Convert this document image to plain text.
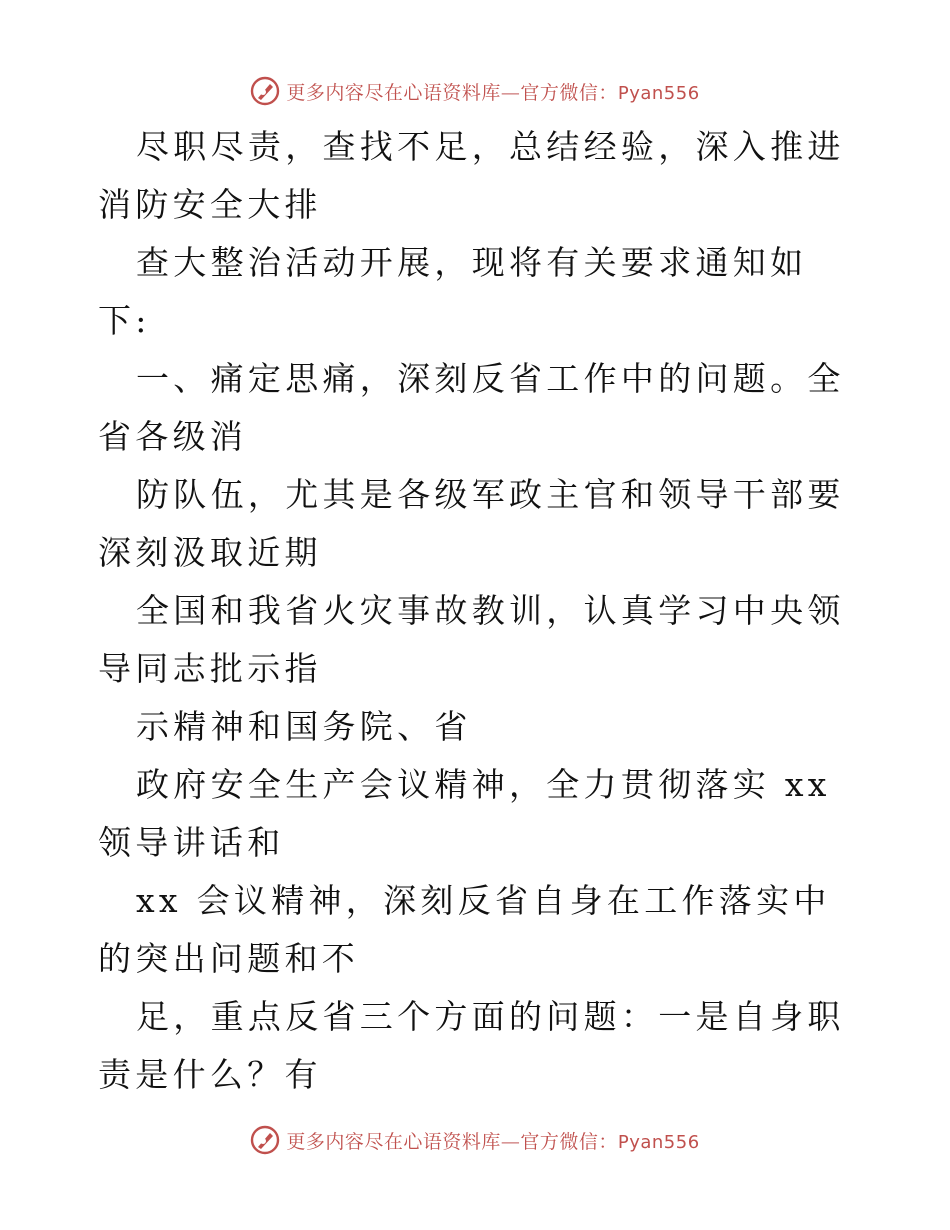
更多内容尽在心语资料库—官方微信：Pyan556

尽职尽责，查找不足，总结经验，深入推进消防安全大排

查大整治活动开展，现将有关要求通知如下:

一、痛定思痛，深刻反省工作中的问题。全省各级消

防队伍，尤其是各级军政主官和领导干部要深刻汲取近期

全国和我省火灾事故教训，认真学习中央领导同志批示指

示精神和国务院、省

政府安全生产会议精神，全力贯彻落实 xx 领导讲话和

xx 会议精神，深刻反省自身在工作落实中的突出问题和不

足，重点反省三个方面的问题：一是自身职责是什么？有

更多内容尽在心语资料库—官方微信：Pyan556
